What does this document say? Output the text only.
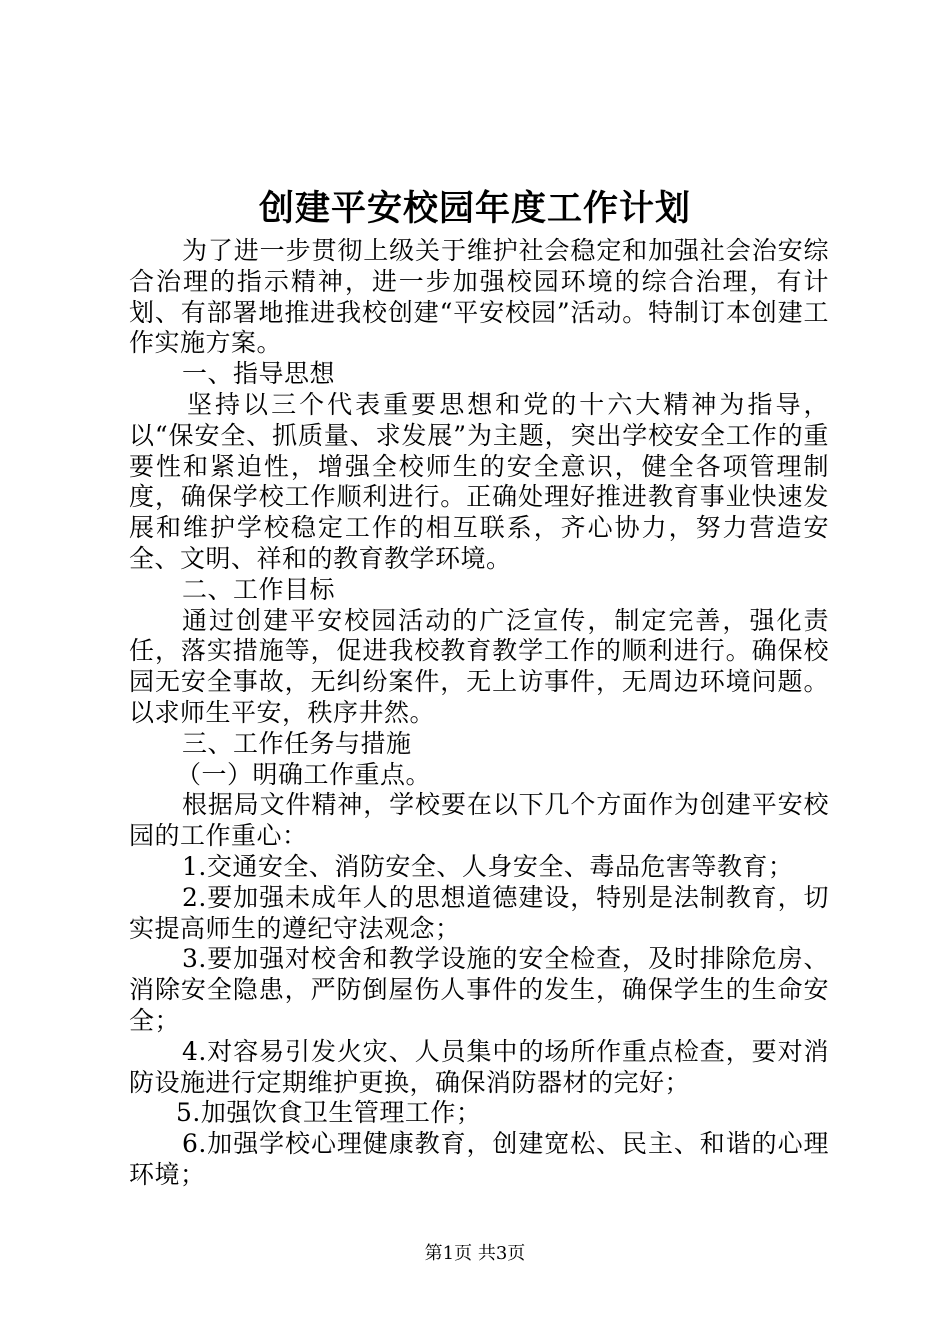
创建平安校园年度工作计划

为了进一步贯彻上级关于维护社会稳定和加强社会治安综合治理的指示精神，进一步加强校园环境的综合治理，有计划、有部署地推进我校创建“平安校园”活动。特制订本创建工作实施方案。

一、指导思想

坚持以三个代表重要思想和党的十六大精神为指导，以“保安全、抓质量、求发展”为主题，突出学校安全工作的重要性和紧迫性，增强全校师生的安全意识，健全各项管理制度，确保学校工作顺利进行。正确处理好推进教育事业快速发展和维护学校稳定工作的相互联系，齐心协力，努力营造安全、文明、祥和的教育教学环境。

二、工作目标

通过创建平安校园活动的广泛宣传，制定完善，强化责任，落实措施等，促进我校教育教学工作的顺利进行。确保校园无安全事故，无纠纷案件，无上访事件，无周边环境问题。以求师生平安，秩序井然。

三、工作任务与措施

（一）明确工作重点。

根据局文件精神，学校要在以下几个方面作为创建平安校园的工作重心：

1.交通安全、消防安全、人身安全、毒品危害等教育；

2.要加强未成年人的思想道德建设，特别是法制教育，切实提高师生的遵纪守法观念；

3.要加强对校舍和教学设施的安全检查，及时排除危房、消除安全隐患，严防倒屋伤人事件的发生，确保学生的生命安全；

4.对容易引发火灾、人员集中的场所作重点检查，要对消防设施进行定期维护更换，确保消防器材的完好；

5.加强饮食卫生管理工作；

6.加强学校心理健康教育，创建宽松、民主、和谐的心理环境；

第1页 共3页
